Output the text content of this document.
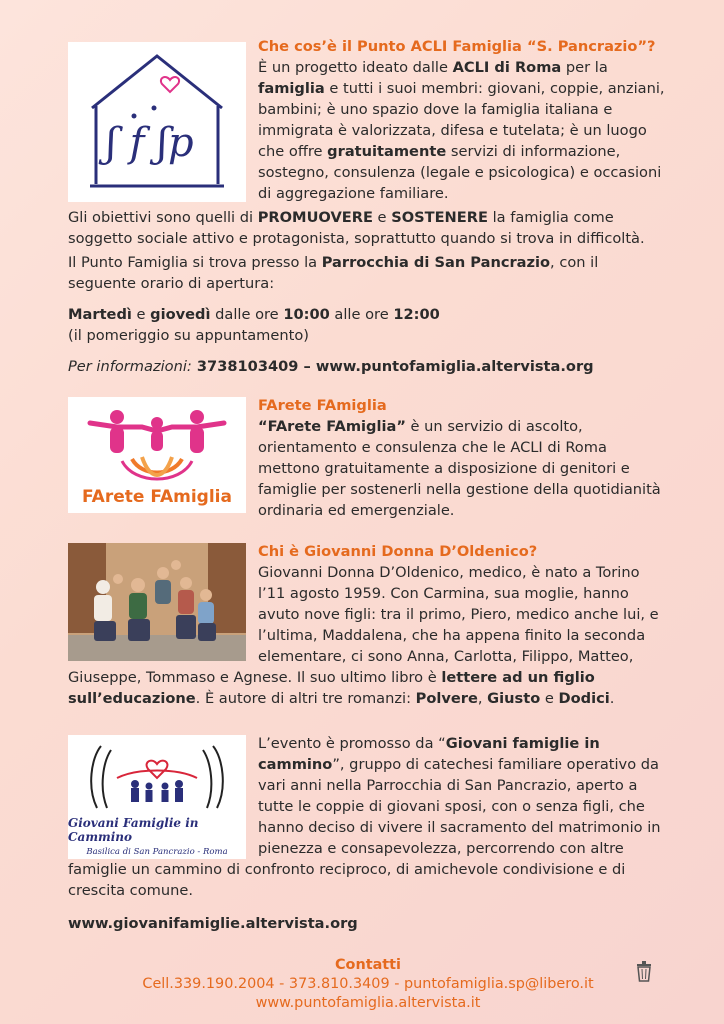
ʃ f ʃp

Che cos’è il Punto ACLI Famiglia “S. Pancrazio”?

È un progetto ideato dalle ACLI di Roma per la famiglia e tutti i suoi membri: giovani, coppie, anziani, bambini; è uno spazio dove la famiglia italiana e immigrata è valorizzata, difesa e tutelata; è un luogo che offre gratuitamente servizi di informazione, sostegno, consulenza (legale e psicologica) e occasioni di aggregazione familiare.

Gli obiettivi sono quelli di PROMUOVERE e SOSTENERE la famiglia come soggetto sociale attivo e protagonista, soprattutto quando si trova in difficoltà.

Il Punto Famiglia si trova presso la Parrocchia di San Pancrazio, con il seguente orario di apertura:

Martedì e giovedì dalle ore 10:00 alle ore 12:00
(il pomeriggio su appuntamento)

Per informazioni: 3738103409 – www.puntofamiglia.altervista.org

FArete FAmiglia

FArete FAmiglia

“FArete FAmiglia” è un servizio di ascolto, orientamento e consulenza che le ACLI di Roma mettono gratuitamente a disposizione di genitori e famiglie per sostenerli nella gestione della quotidianità ordinaria ed emergenziale.

Chi è Giovanni Donna D’Oldenico?

Giovanni Donna D’Oldenico, medico, è nato a Torino l’11 agosto 1959. Con Carmina, sua moglie, hanno avuto nove figli: tra il primo, Piero, medico anche lui, e l’ultima, Maddalena, che ha appena finito la seconda elementare, ci sono Anna, Carlotta, Filippo, Matteo, Giuseppe, Tommaso e Agnese. Il suo ultimo libro è lettere ad un figlio sull’educazione. È autore di altri tre romanzi: Polvere, Giusto e Dodici.

Giovani Famiglie in Cammino
Basilica di San Pancrazio - Roma

L’evento è promosso da “Giovani famiglie in cammino”, gruppo di catechesi familiare operativo da vari anni nella Parrocchia di San Pancrazio, aperto a tutte le coppie di giovani sposi, con o senza figli, che hanno deciso di vivere il sacramento del matrimonio in pienezza e consapevolezza, percorrendo con altre famiglie un cammino di confronto reciproco, di amichevole condivisione e di crescita comune.

www.giovanifamiglie.altervista.org

Contatti
Cell.339.190.2004 - 373.810.3409 - puntofamiglia.sp@libero.it
www.puntofamiglia.altervista.it
